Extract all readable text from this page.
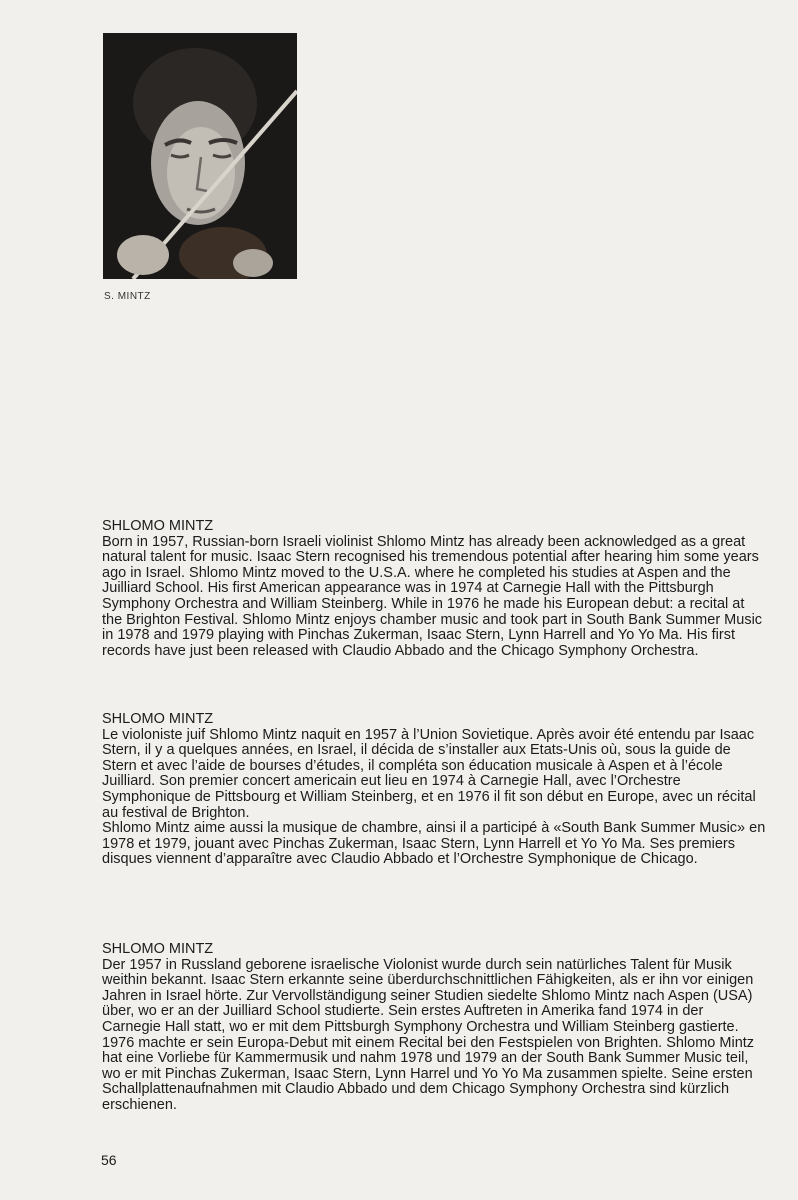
S. MINTZ
SHLOMO MINTZ

Born in 1957, Russian-born Israeli violinist Shlomo Mintz has already been acknowledged as a great natural talent for music. Isaac Stern recognised his tremendous potential after hearing him some years ago in Israel. Shlomo Mintz moved to the U.S.A. where he completed his studies at Aspen and the Juilliard School. His first American appearance was in 1974 at Carnegie Hall with the Pittsburgh Symphony Orchestra and William Steinberg. While in 1976 he made his European debut: a recital at the Brighton Festival. Shlomo Mintz enjoys chamber music and took part in South Bank Summer Music in 1978 and 1979 playing with Pinchas Zukerman, Isaac Stern, Lynn Harrell and Yo Yo Ma. His first records have just been released with Claudio Abbado and the Chicago Symphony Orchestra.

SHLOMO MINTZ

Le violoniste juif Shlomo Mintz naquit en 1957 à l’Union Sovietique. Après avoir été entendu par Isaac Stern, il y a quelques années, en Israel, il décida de s’installer aux Etats-Unis où, sous la guide de Stern et avec l’aide de bourses d’études, il compléta son éducation musicale à Aspen et à l’école Juilliard. Son premier concert americain eut lieu en 1974 à Carnegie Hall, avec l’Orchestre Symphonique de Pittsbourg et William Steinberg, et en 1976 il fit son début en Europe, avec un récital au festival de Brighton.

Shlomo Mintz aime aussi la musique de chambre, ainsi il a participé à «South Bank Summer Music» en 1978 et 1979, jouant avec Pinchas Zukerman, Isaac Stern, Lynn Harrell et Yo Yo Ma. Ses premiers disques viennent d’apparaître avec Claudio Abbado et l’Orchestre Symphonique de Chicago.

SHLOMO MINTZ

Der 1957 in Russland geborene israelische Violonist wurde durch sein natürliches Talent für Musik weithin bekannt. Isaac Stern erkannte seine überdurchschnittlichen Fähigkeiten, als er ihn vor einigen Jahren in Israel hörte. Zur Vervollständigung seiner Studien siedelte Shlomo Mintz nach Aspen (USA) über, wo er an der Juilliard School studierte. Sein erstes Auftreten in Amerika fand 1974 in der Carnegie Hall statt, wo er mit dem Pittsburgh Symphony Orchestra und William Steinberg gastierte. 1976 machte er sein Europa-Debut mit einem Recital bei den Festspielen von Brighten. Shlomo Mintz hat eine Vorliebe für Kammermusik und nahm 1978 und 1979 an der South Bank Summer Music teil, wo er mit Pinchas Zukerman, Isaac Stern, Lynn Harrel und Yo Yo Ma zusammen spielte. Seine ersten Schallplattenaufnahmen mit Claudio Abbado und dem Chicago Symphony Orchestra sind kürzlich erschienen.

56
